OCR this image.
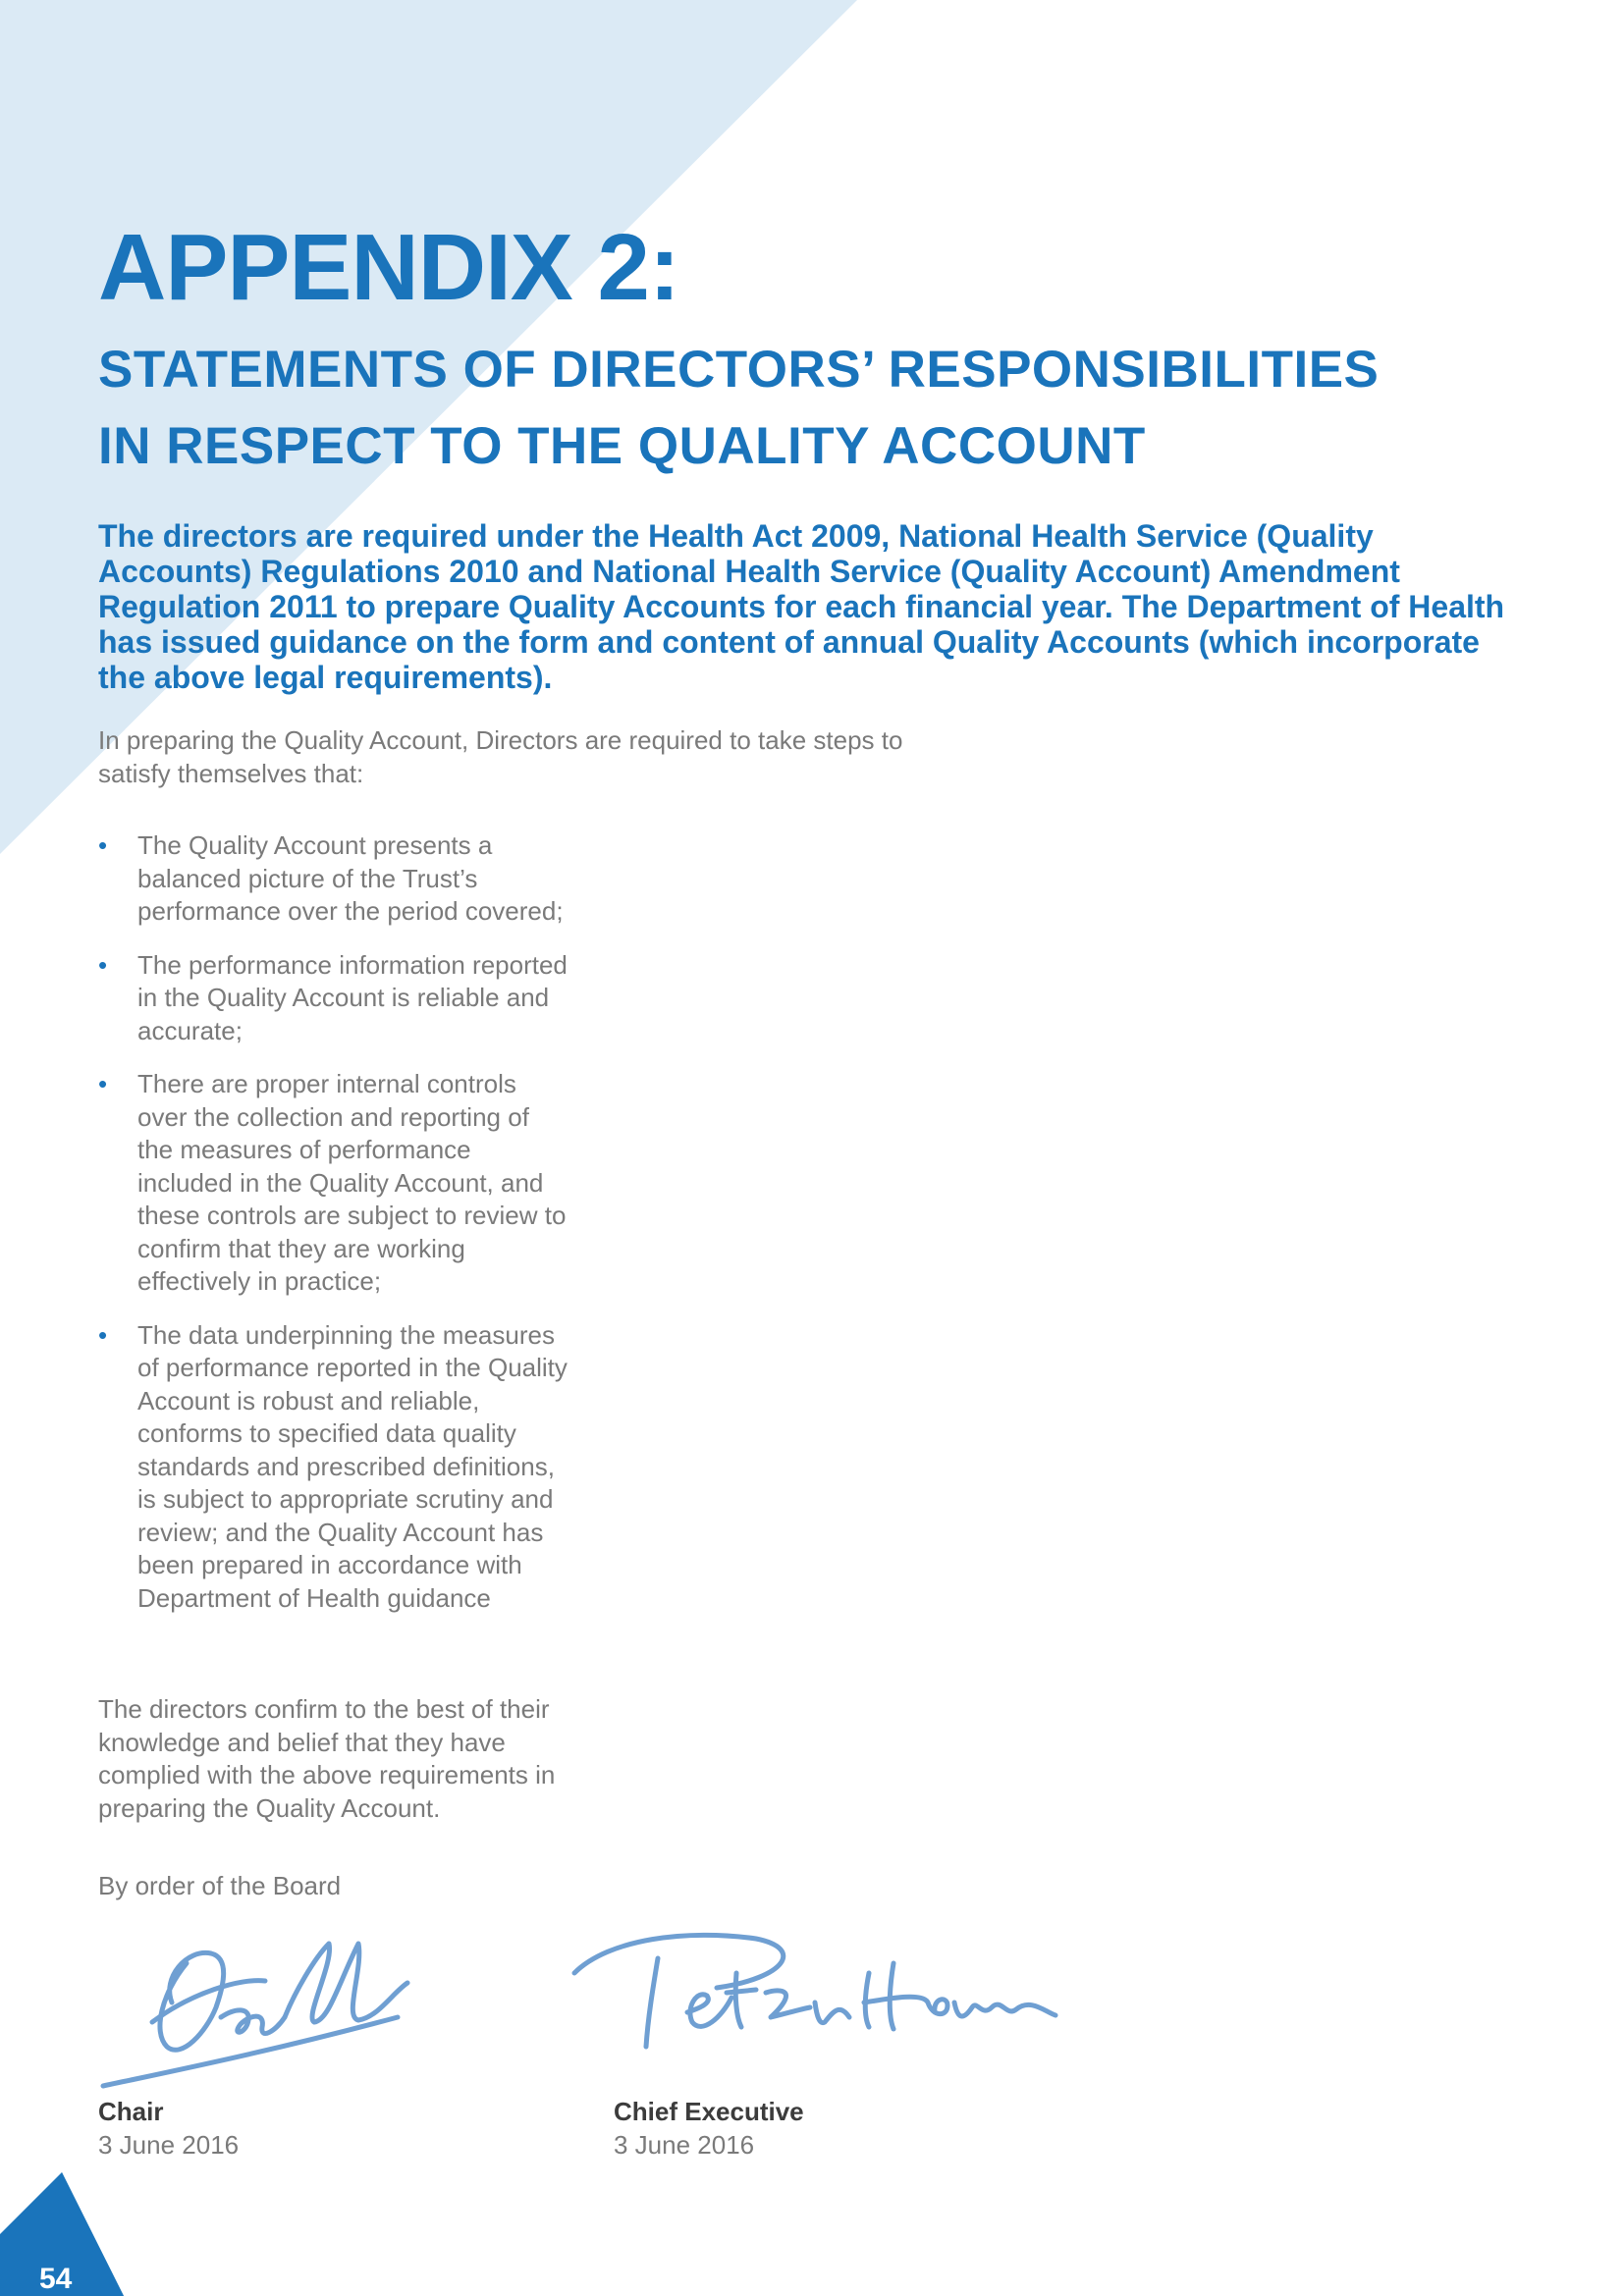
APPENDIX 2:
STATEMENTS OF DIRECTORS’ RESPONSIBILITIES
IN RESPECT TO THE QUALITY ACCOUNT

The directors are required under the Health Act 2009, National Health Service (Quality Accounts) Regulations 2010 and National Health Service (Quality Account) Amendment Regulation 2011 to prepare Quality Accounts for each financial year. The Department of Health has issued guidance on the form and content of annual Quality Accounts (which incorporate the above legal requirements).

In preparing the Quality Account, Directors are required to take steps to satisfy themselves that:

• The Quality Account presents a balanced picture of the Trust’s performance over the period covered;
• The performance information reported in the Quality Account is reliable and accurate;
• There are proper internal controls over the collection and reporting of the measures of performance included in the Quality Account, and these controls are subject to review to confirm that they are working effectively in practice;
• The data underpinning the measures of performance reported in the Quality Account is robust and reliable, conforms to specified data quality standards and prescribed definitions, is subject to appropriate scrutiny and review; and the Quality Account has been prepared in accordance with Department of Health guidance

The directors confirm to the best of their knowledge and belief that they have complied with the above requirements in preparing the Quality Account.

By order of the Board

Chair

3 June 2016

Chief Executive

3 June 2016

54
